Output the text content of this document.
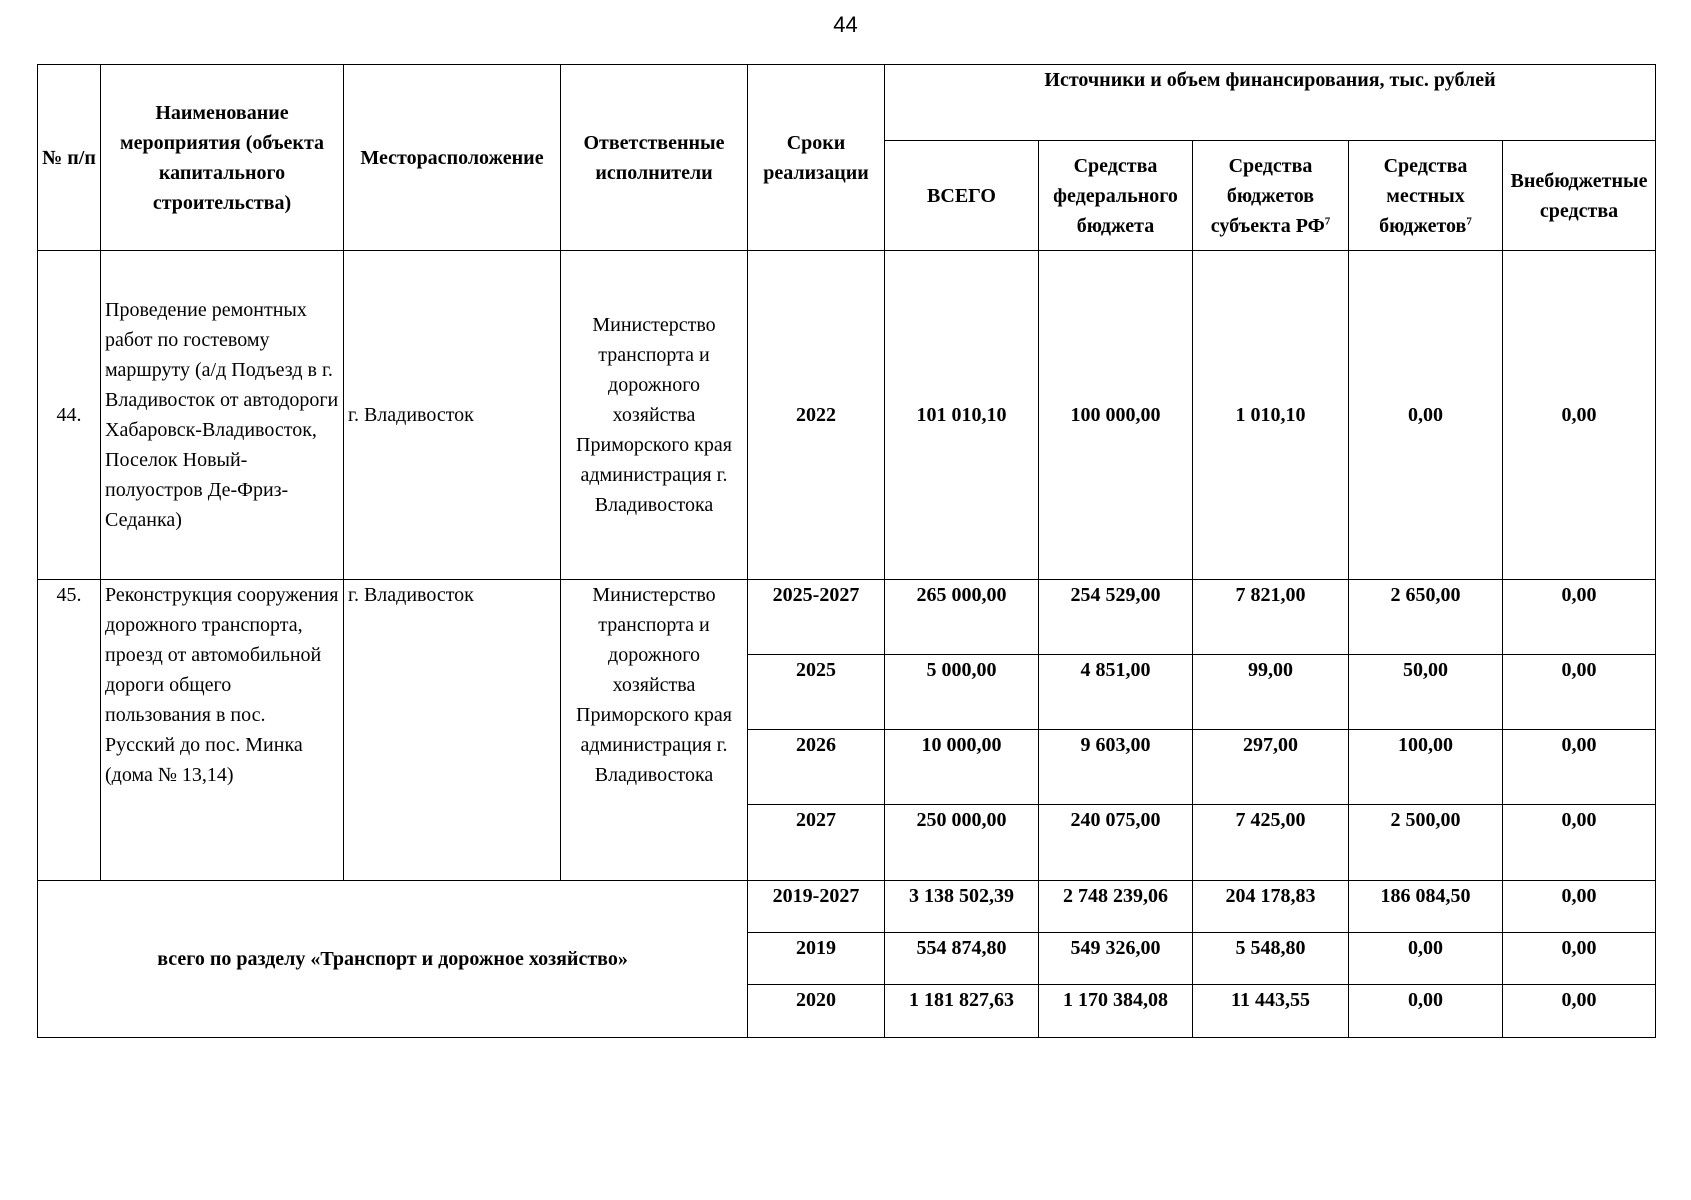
44
№ п/п	Наименование мероприятия (объекта капитального строительства)	Месторасположение	Ответственные исполнители	Сроки реализации	Источники и объем финансирования, тыс. рублей				
					ВСЕГО	Средства федерального бюджета	Средства бюджетов субъекта $РФ^7$	Средства местных бюджетов$^7$	Внебюджетные средства
44.	Проведение ремонтных работ по гостевому маршруту (а/д Подъезд в г. Владивосток от автодороги Хабаровск-Владивосток, Поселок Новый-полуостров Де-Фриз-Седанка)	г. Владивосток	Министерство транспорта и дорожного хозяйства Приморского края администрация г. Владивостока	2022	101 010,10	100 000,00	1 010,10	0,00	0,00
45.	Реконструкция сооружения дорожного транспорта, проезд от автомобильной дороги общего пользования в пос. Русский до пос. Минка (дома № 13,14)	г. Владивосток	Министерство транспорта и дорожного хозяйства Приморского края администрация г. Владивостока	2025-2027	265 000,00	254 529,00	7 821,00	2 650,00	0,00
				2025	5 000,00	4 851,00	99,00	50,00	0,00
				2026	10 000,00	9 603,00	297,00	100,00	0,00
				2027	250 000,00	240 075,00	7 425,00	2 500,00	0,00
всего по разделу «Транспорт и дорожное хозяйство»				2019-2027	3 138 502,39	2 748 239,06	204 178,83	186 084,50	0,00
				2019	554 874,80	549 326,00	5 548,80	0,00	0,00
				2020	1 181 827,63	1 170 384,08	11 443,55	0,00	0,00
